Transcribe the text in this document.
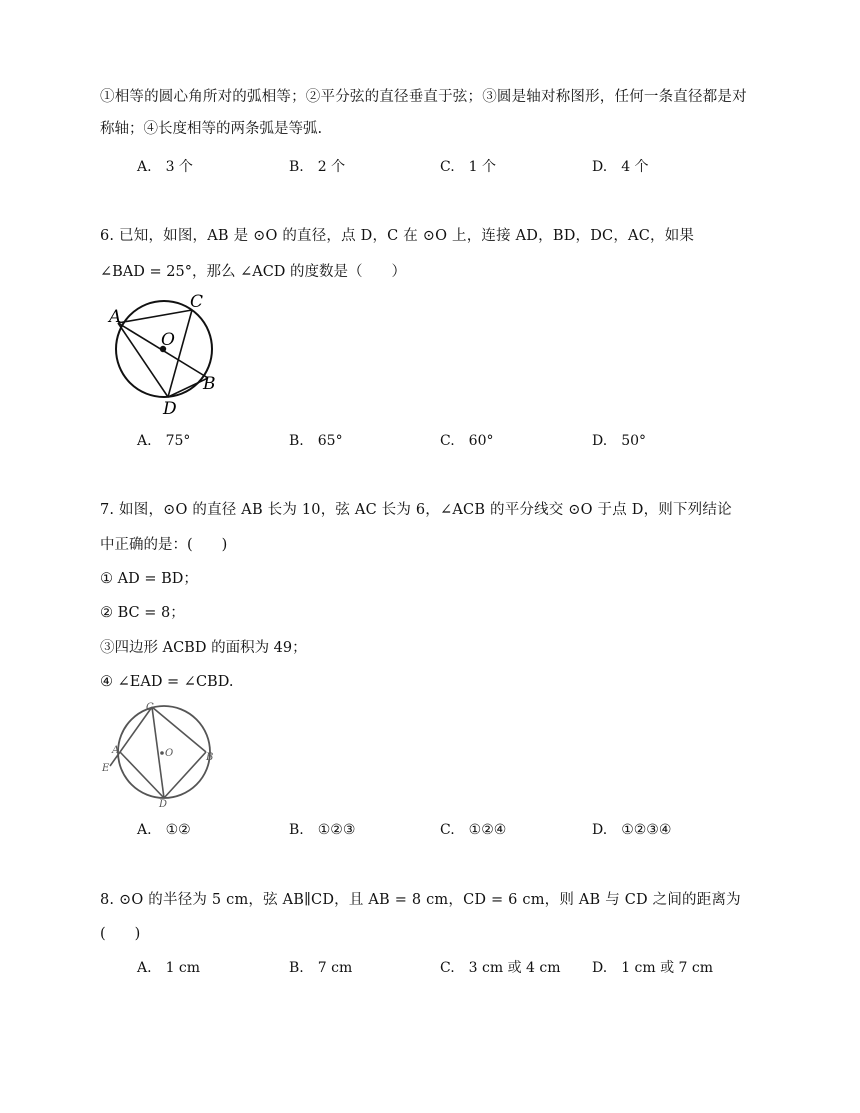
①相等的圆心角所对的弧相等；②平分弦的直径垂直于弦；③圆是轴对称图形，任何一条直径都是对
称轴；④长度相等的两条弧是等弧.
A. 3 个	B. 2 个	C. 1 个	D. 4 个
6. 已知，如图，AB 是 ⊙O 的直径，点 D，C 在 ⊙O 上，连接 AD，BD，DC，AC，如果
∠BAD = 25°，那么 ∠ACD 的度数是（　　）
A
C
O
B
D
A. 75°	B. 65°	C. 60°	D. 50°
7. 如图，⊙O 的直径 AB 长为 10，弦 AC 长为 6，∠ACB 的平分线交 ⊙O 于点 D，则下列结论
中正确的是：(　　)
① AD = BD；
② BC = 8；
③四边形 ACBD 的面积为 49；
④ ∠EAD = ∠CBD.
C
A	O	B
E
D
A. ①②	B. ①②③	C. ①②④	D. ①②③④
8. ⊙O 的半径为 5 cm，弦 AB∥CD，且 AB = 8 cm，CD = 6 cm，则 AB 与 CD 之间的距离为
(　　)
A. 1 cm	B. 7 cm	C. 3 cm 或 4 cm D. 1 cm 或 7 cm
